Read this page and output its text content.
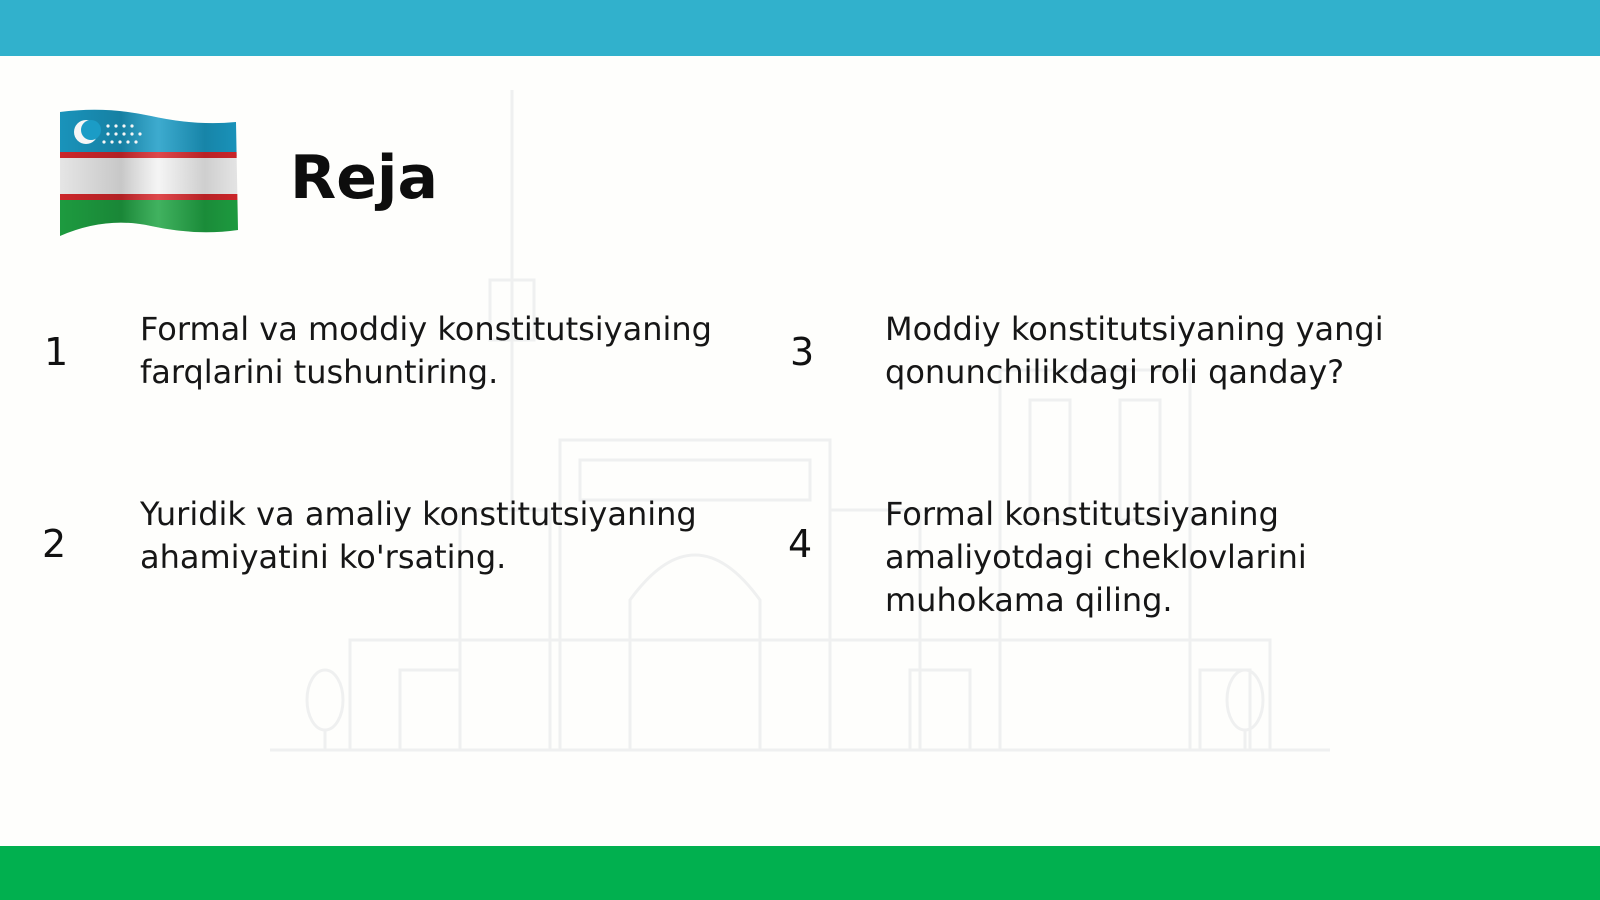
Reja
1

Formal va moddiy konstitutsiyaning farqlarini tushuntiring.

2

Yuridik va amaliy konstitutsiyaning ahamiyatini ko'rsating.

3

Moddiy konstitutsiyaning yangi qonunchilikdagi roli qanday?

4

Formal konstitutsiyaning amaliyotdagi cheklovlarini muhokama qiling.
